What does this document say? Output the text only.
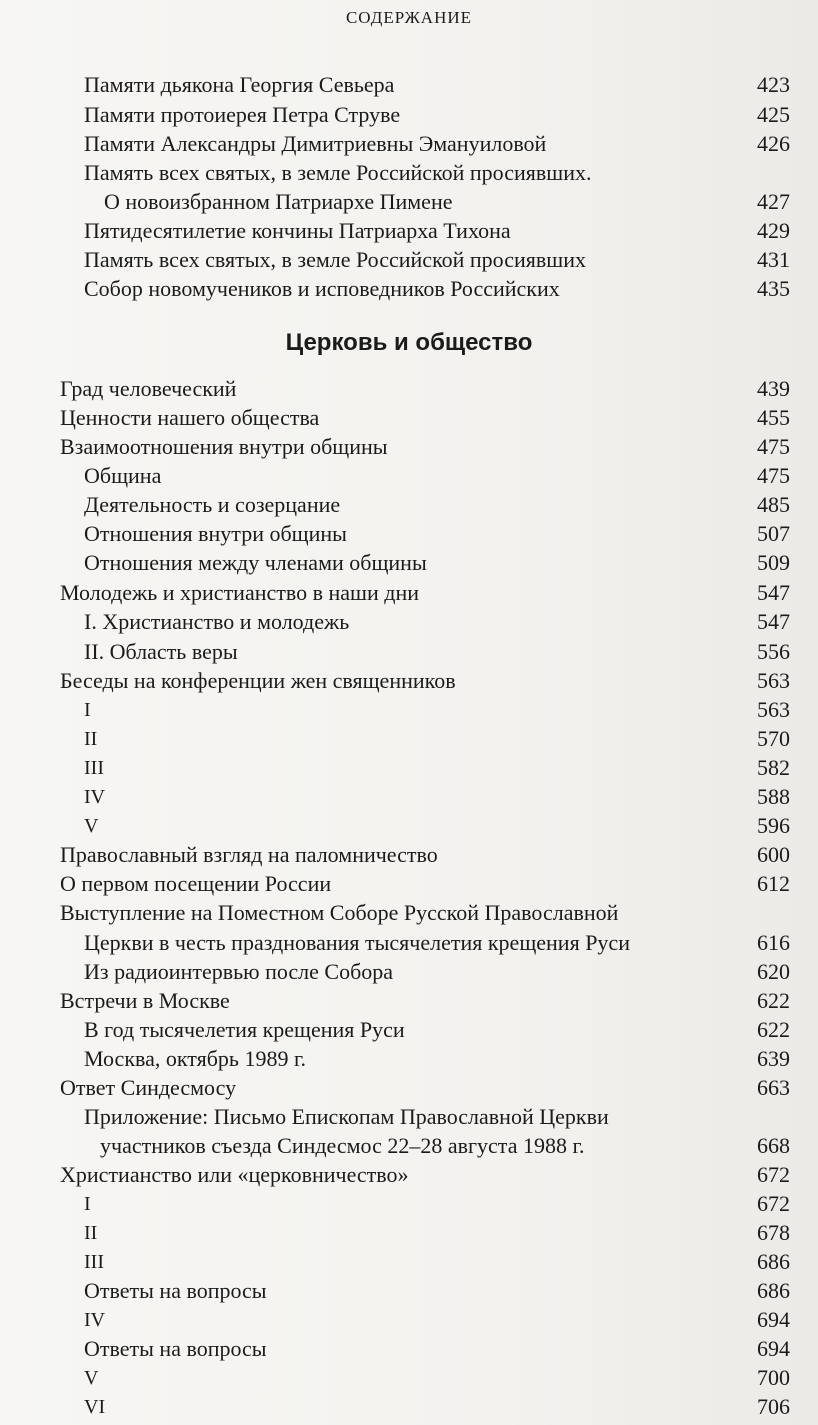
СОДЕРЖАНИЕ
Церковь и общество
Памяти дьякона Георгия Севьера	423
Памяти протоиерея Петра Струве	425
Памяти Александры Димитриевны Эмануиловой	426
Память всех святых, в земле Российской просиявших.
О новоизбранном Патриархе Пимене	427
Пятидесятилетие кончины Патриарха Тихона	429
Память всех святых, в земле Российской просиявших	431
Собор новомучеников и исповедников Российских	435
Град человеческий	439
Ценности нашего общества	455
Взаимоотношения внутри общины	475
Община	475
Деятельность и созерцание	485
Отношения внутри общины	507
Отношения между членами общины	509
Молодежь и христианство в наши дни	547
I. Христианство и молодежь	547
II. Область веры	556
Беседы на конференции жен священников	563
I	563
II	570
III	582
IV	588
V	596
Православный взгляд на паломничество	600
О первом посещении России	612
Выступление на Поместном Соборе Русской Православной
Церкви в честь празднования тысячелетия крещения Руси	616
Из радиоинтервью после Собора	620
Встречи в Москве	622
В год тысячелетия крещения Руси	622
Москва, октябрь 1989 г.	639
Ответ Синдесмосу	663
Приложение: Письмо Епископам Православной Церкви
участников съезда Синдесмос 22–28 августа 1988 г.	668
Христианство или «церковничество»	672
I	672
II	678
III	686
Ответы на вопросы	686
IV	694
Ответы на вопросы	694
V	700
VI	706
